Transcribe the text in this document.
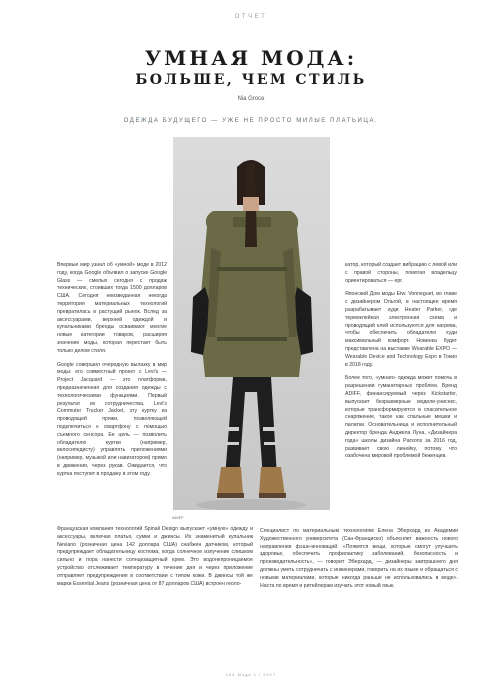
ОТЧЕТ
УМНАЯ МОДА:
БОЛЬШЕ, ЧЕМ СТИЛЬ
Nia Groce
ОДЕЖДА БУДУЩЕГО — УЖЕ НЕ ПРОСТО МИЛЫЕ ПЛАТЬИЦА.
ADIFF

Впервые мир узнал об «умной» моде в 2012 году, когда Google объявил о запуске Google Glass — смелых сегодня с продаж технических, стоивших тогда 1500 долларов США. Сегодня неизведанная некогда территория материальных технологий превратилась в растущий рынок. Вслед за аксессуарами, верхней одеждой и купальниками бренды осваивают многие новые категории товаров, расширяя значение моды, которая перестает быть только делом стиля.

Google совершил очередную вылазку в мир моды: его совместный проект с Levi's — Project Jacquard — это платформа, предназначенная для создания одежды с технологическими функциями. Первый результат их сотрудничества, Levi's Commuter Trucker Jacket, эту куртку из проводящей пряжи, позволяющей подключиться к смартфону с помощью съемного сенсора. Ее цель — позволить обладателю куртки (например, велосипедисту) управлять приложениями (например, музыкой или навигатором) прямо в движении, через рукав. Ожидается, что куртка поступит в продажу в этом году.

катор, который создает вибрацию с левой или с правой стороны, помогая владельцу ориентироваться — ерг.

Японский Дом моды Etw. Vonneguet, во главе с дизайнером Ольгой, в настоящее время разрабатывает худи Heater Parker, где термоклейкая электронная схема и проводящий клей используются для нагрева, чтобы обеспечить обладателю худи максимальный комфорт. Новинка будет представлена на выставке Wearable EXPO — Wearable Device and Technology Expo в Токио в 2018 году.

Более того, «умная» одежда может помочь в разрешении гуманитарных проблем. Бренд ADIFF, финансируемый через Kickstarter, выпускает безразмерные модели-унисекс, которые трансформируются в спасательное снаряжение, такое как спальные мешки и палатки. Основательница и исполнительный директор бренда Анджела Луна, «Дизайнера года» школы дизайна Parsons за 2016 год, развивает свою линейку, потому что озабочена мировой проблемой беженцев.

Французская компания технологий Spinali Design выпускает «умную» одежду и аксессуары, включая платья, сумки и джинсы. Их знаменитый купальник Neviano (розничная цена 142 доллара США) снабжен датчиком, который предупреждает обладательницу костюма, когда солнечное излучение слишком сильно и пора нанести солнцезащитный крем. Это водонепроницаемое устройство отслеживает температуру в течение дня и через приложение отправляет предупреждения в соответствии с типом кожи. В джинсы той же марки Essential Jeans (розничная цена от 87 долларов США) встроен геоло-

Специалист по материальным технологиям Елена Эберхард из Академии Художественного университета (Сан-Франциско) объясняет важность нового направления фэшн-инноваций. «Появятся вещи, которые смогут улучшить здоровье, обеспечить профилактику заболеваний, безопасность и производительность», — говорит Эберхард, — дизайнеры завтрашнего дня должны уметь сотрудничать с инженерами, говорить на их языке и обращаться с новыми материалами, которые никогда раньше не использовались в моде». Наста по время и ритейлерам изучать этот новый язык.

104 Модa 1 / 2017
